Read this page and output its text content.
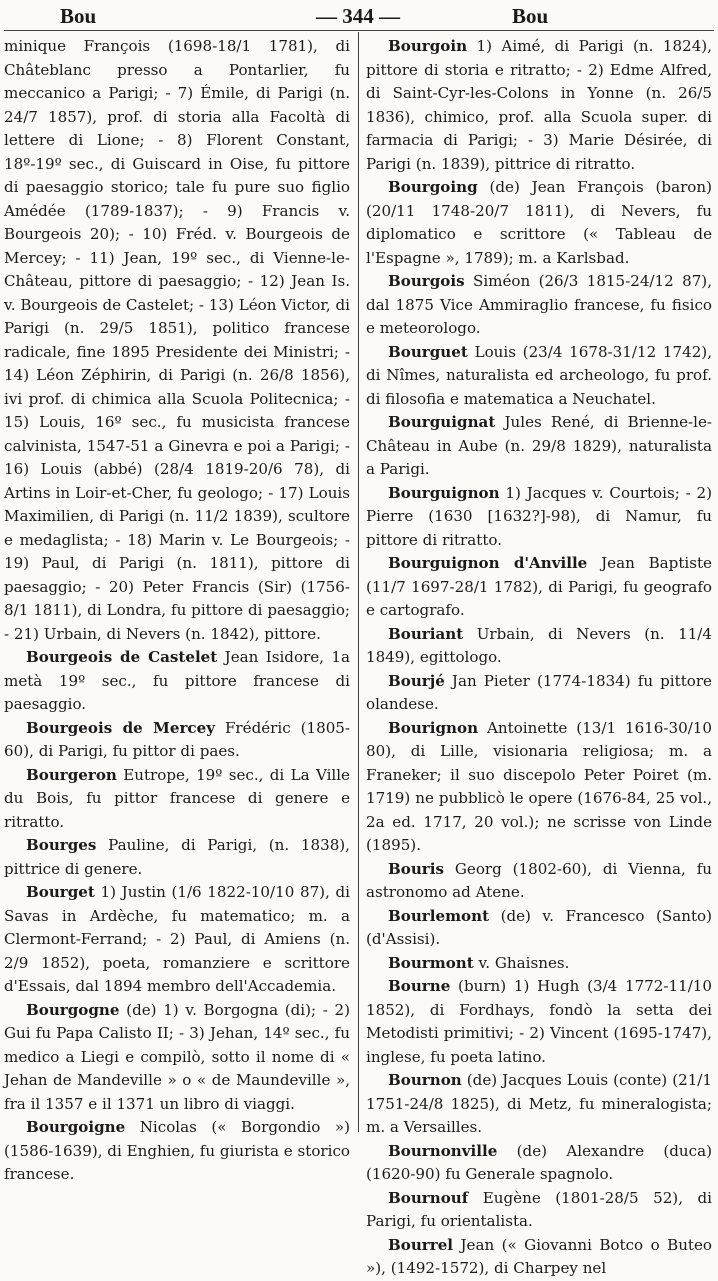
Bou	— 344 —	Bou

minique François (1698-18/1 1781), di Châteblanc presso a Pontarlier, fu meccanico a Parigi; - 7) Émile, di Parigi (n. 24/7 1857), prof. di storia alla Facoltà di lettere di Lione; - 8) Florent Constant, 18º-19º sec., di Guiscard in Oise, fu pittore di paesaggio storico; tale fu pure suo figlio Amédée (1789-1837); - 9) Francis v. Bourgeois 20); - 10) Fréd. v. Bourgeois de Mercey; - 11) Jean, 19º sec., di Vienne-le-Château, pittore di paesaggio; - 12) Jean Is. v. Bourgeois de Castelet; - 13) Léon Victor, di Parigi (n. 29/5 1851), politico francese radicale, fine 1895 Presidente dei Ministri; - 14) Léon Zéphirin, di Parigi (n. 26/8 1856), ivi prof. di chimica alla Scuola Politecnica; - 15) Louis, 16º sec., fu musicista francese calvinista, 1547-51 a Ginevra e poi a Parigi; - 16) Louis (abbé) (28/4 1819-20/6 78), di Artins in Loir-et-Cher, fu geologo; - 17) Louis Maximilien, di Parigi (n. 11/2 1839), scultore e medaglista; - 18) Marin v. Le Bourgeois; - 19) Paul, di Parigi (n. 1811), pittore di paesaggio; - 20) Peter Francis (Sir) (1756-8/1 1811), di Londra, fu pittore di paesaggio; - 21) Urbain, di Nevers (n. 1842), pittore.

Bourgeois de Castelet Jean Isidore, 1a metà 19º sec., fu pittore francese di paesaggio.

Bourgeois de Mercey Frédéric (1805-60), di Parigi, fu pittor di paes.

Bourgeron Eutrope, 19º sec., di La Ville du Bois, fu pittor francese di genere e ritratto.

Bourges Pauline, di Parigi, (n. 1838), pittrice di genere.

Bourget 1) Justin (1/6 1822-10/10 87), di Savas in Ardèche, fu matematico; m. a Clermont-Ferrand; - 2) Paul, di Amiens (n. 2/9 1852), poeta, romanziere e scrittore d'Essais, dal 1894 membro dell'Accademia.

Bourgogne (de) 1) v. Borgogna (di); - 2) Gui fu Papa Calisto II; - 3) Jehan, 14º sec., fu medico a Liegi e compilò, sotto il nome di « Jehan de Mandeville » o « de Maundeville », fra il 1357 e il 1371 un libro di viaggi.

Bourgoigne Nicolas (« Borgondio ») (1586-1639), di Enghien, fu giurista e storico francese.

Bourgoin 1) Aimé, di Parigi (n. 1824), pittore di storia e ritratto; - 2) Edme Alfred, di Saint-Cyr-les-Colons in Yonne (n. 26/5 1836), chimico, prof. alla Scuola super. di farmacia di Parigi; - 3) Marie Désirée, di Parigi (n. 1839), pittrice di ritratto.

Bourgoing (de) Jean François (baron) (20/11 1748-20/7 1811), di Nevers, fu diplomatico e scrittore (« Tableau de l'Espagne », 1789); m. a Karlsbad.

Bourgois Siméon (26/3 1815-24/12 87), dal 1875 Vice Ammiraglio francese, fu fisico e meteorologo.

Bourguet Louis (23/4 1678-31/12 1742), di Nîmes, naturalista ed archeologo, fu prof. di filosofia e matematica a Neuchatel.

Bourguignat Jules René, di Brienne-le-Château in Aube (n. 29/8 1829), naturalista a Parigi.

Bourguignon 1) Jacques v. Courtois; - 2) Pierre (1630 [1632?]-98), di Namur, fu pittore di ritratto.

Bourguignon d'Anville Jean Baptiste (11/7 1697-28/1 1782), di Parigi, fu geografo e cartografo.

Bouriant Urbain, di Nevers (n. 11/4 1849), egittologo.

Bourjé Jan Pieter (1774-1834) fu pittore olandese.

Bourignon Antoinette (13/1 1616-30/10 80), di Lille, visionaria religiosa; m. a Franeker; il suo discepolo Peter Poiret (m. 1719) ne pubblicò le opere (1676-84, 25 vol., 2a ed. 1717, 20 vol.); ne scrisse von Linde (1895).

Bouris Georg (1802-60), di Vienna, fu astronomo ad Atene.

Bourlemont (de) v. Francesco (Santo) (d'Assisi).

Bourmont v. Ghaisnes.

Bourne (burn) 1) Hugh (3/4 1772-11/10 1852), di Fordhays, fondò la setta dei Metodisti primitivi; - 2) Vincent (1695-1747), inglese, fu poeta latino.

Bournon (de) Jacques Louis (conte) (21/1 1751-24/8 1825), di Metz, fu mineralogista; m. a Versailles.

Bournonville (de) Alexandre (duca) (1620-90) fu Generale spagnolo.

Bournouf Eugène (1801-28/5 52), di Parigi, fu orientalista.

Bourrel Jean (« Giovanni Botco o Buteo »), (1492-1572), di Charpey nel
